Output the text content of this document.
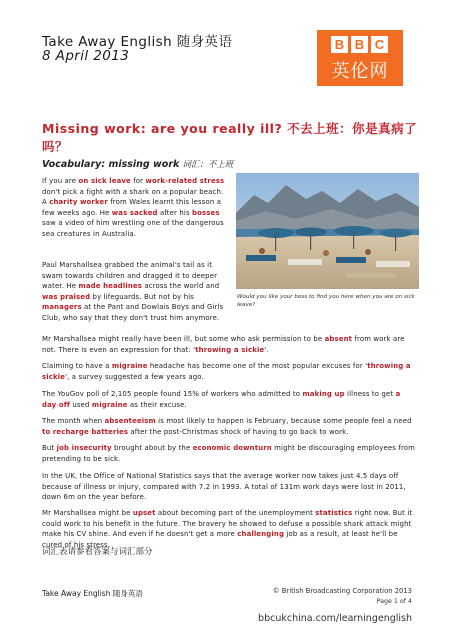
Take Away English 随身英语
8 April 2013
B B C
英伦网
Missing work: are you really ill? 不去上班：你是真病了吗？
Vocabulary: missing work 词汇：不上班

If you are on sick leave for work-related stress don't pick a fight with a shark on a popular beach. A charity worker from Wales learnt this lesson a few weeks ago. He was sacked after his bosses saw a video of him wrestling one of the dangerous sea creatures in Australia.

Paul Marshallsea grabbed the animal's tail as it swam towards children and dragged it to deeper water. He made headlines across the world and was praised by lifeguards. But not by his managers at the Pant and Dowlais Boys and Girls Club, who say that they don't trust him anymore.

Would you like your boss to find you here when you are on sick leave?

Mr Marshallsea might really have been ill, but some who ask permission to be absent from work are not. There is even an expression for that: 'throwing a sickie'.

Claiming to have a migraine headache has become one of the most popular excuses for 'throwing a sickie', a survey suggested a few years ago.

The YouGov poll of 2,105 people found 15% of workers who admitted to making up illness to get a day off used migraine as their excuse.

The month when absenteeism is most likely to happen is February, because some people feel a need to recharge batteries after the post-Christmas shock of having to go back to work.

But job insecurity brought about by the economic downturn might be discouraging employees from pretending to be sick.

In the UK, the Office of National Statistics says that the average worker now takes just 4.5 days off because of illness or injury, compared with 7.2 in 1993. A total of 131m work days were lost in 2011, down 6m on the year before.

Mr Marshallsea might be upset about becoming part of the unemployment statistics right now. But it could work to his benefit in the future. The bravery he showed to defuse a possible shark attack might make his CV shine. And even if he doesn't get a more challenging job as a result, at least he'll be cured of his stress.

词汇表请参看答案与词汇部分
Take Away English 随身英语	© British Broadcasting Corporation 2013
Page 1 of 4
bbcukchina.com/learningenglish
